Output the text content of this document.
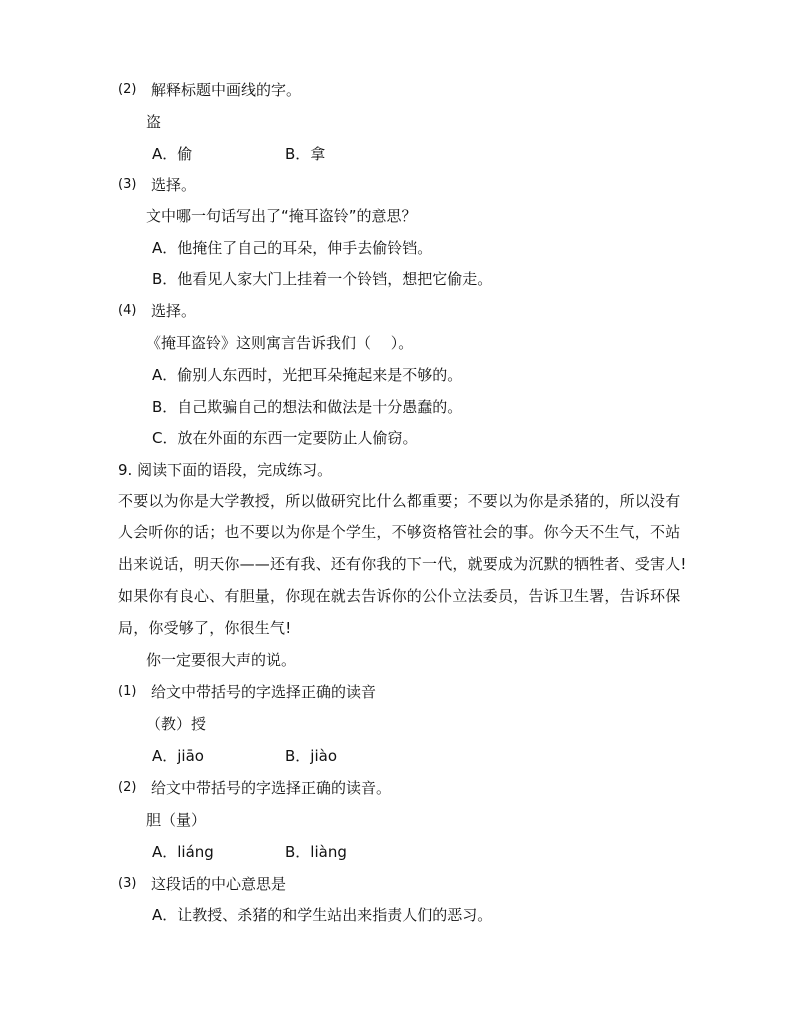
(2) 解释标题中画线的字。
盗
A．偷	B．拿
(3) 选择。
文中哪一句话写出了“掩耳盗铃”的意思？
A．他掩住了自己的耳朵，伸手去偷铃铛。
B．他看见人家大门上挂着一个铃铛，想把它偷走。
(4) 选择。
《掩耳盗铃》这则寓言告诉我们（　 ）。
A．偷别人东西时，光把耳朵掩起来是不够的。
B．自己欺骗自己的想法和做法是十分愚蠢的。
C．放在外面的东西一定要防止人偷窃。
9. 阅读下面的语段，完成练习。
不要以为你是大学教授，所以做研究比什么都重要；不要以为你是杀猪的，所以没有
人会听你的话；也不要以为你是个学生，不够资格管社会的事。你今天不生气，不站
出来说话，明天你——还有我、还有你我的下一代，就要成为沉默的牺牲者、受害人!
如果你有良心、有胆量，你现在就去告诉你的公仆立法委员，告诉卫生署，告诉环保
局，你受够了，你很生气!
你一定要很大声的说。
(1) 给文中带括号的字选择正确的读音
（教）授
A．jiāo	B．jiào
(2) 给文中带括号的字选择正确的读音。
胆（量）
A．liáng	B．liàng
(3) 这段话的中心意思是
A．让教授、杀猪的和学生站出来指责人们的恶习。
